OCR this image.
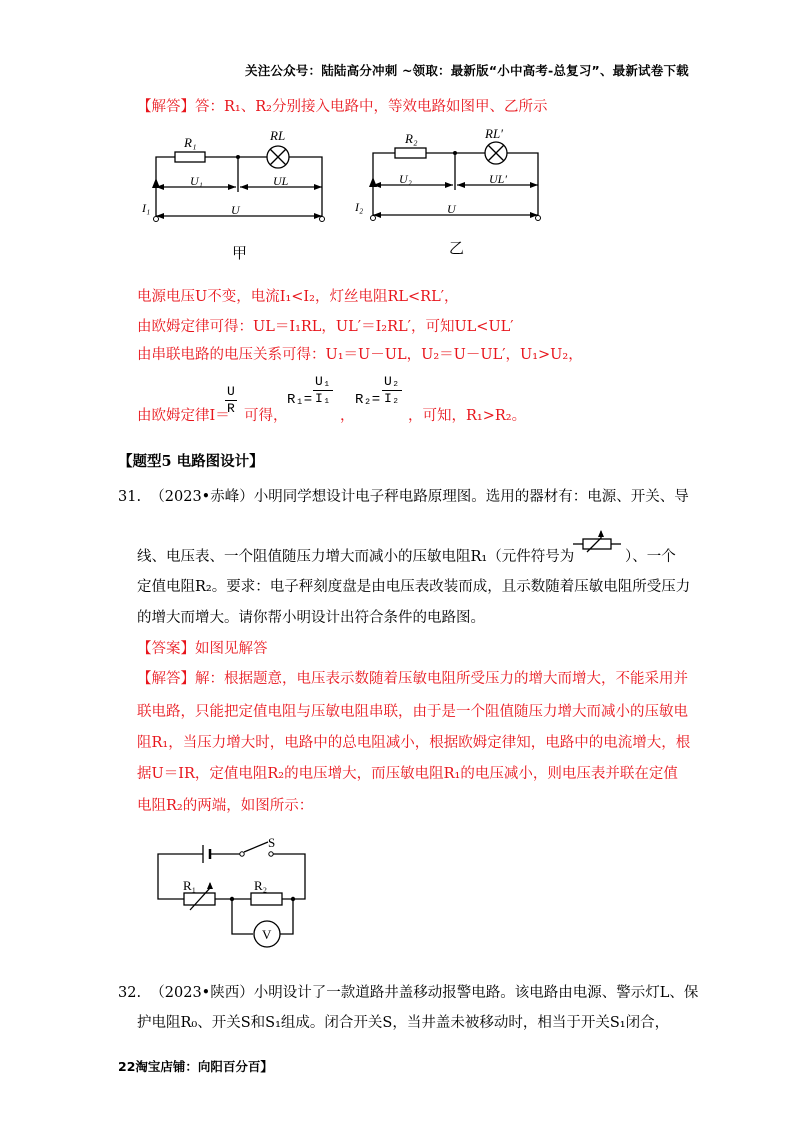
关注公众号：陆陆高分冲刺 ~领取：最新版“小中高考-总复习”、最新试卷下载
【解答】答：R₁、R₂分别接入电路中，等效电路如图甲、乙所示
R₁	RL
U₁	UL
U
I₁
甲
R₂	RL′
U₂	UL′
U
I₂
乙
电源电压U不变，电流I₁<I₂，灯丝电阻RL<RL′，
由欧姆定律可得：UL＝I₁RL，UL′＝I₂RL′，可知UL<UL′
由串联电路的电压关系可得：U₁＝U－UL，U₂＝U－UL′，U₁>U₂，
由欧姆定律I＝
$\frac{U}{R}$ 可得，
$R_1= \frac{\text{U₁}}{\text{I₁}}$
，
$R_2= \frac{\text{U₂}}{\text{I₂}}$
，可知，R₁>R₂。
【题型5 电路图设计】
31. （2023•赤峰）小明同学想设计电子秤电路原理图。选用的器材有：电源、开关、导
线、电压表、一个阻值随压力增大而减小的压敏电阻R₁（元件符号为	）、一个
定值电阻R₂。要求：电子秤刻度盘是由电压表改装而成，且示数随着压敏电阻所受压力
的增大而增大。请你帮小明设计出符合条件的电路图。
【答案】如图见解答
【解答】解：根据题意，电压表示数随着压敏电阻所受压力的增大而增大，不能采用并
联电路，只能把定值电阻与压敏电阻串联，由于是一个阻值随压力增大而减小的压敏电
阻R₁，当压力增大时，电路中的总电阻减小，根据欧姆定律知，电路中的电流增大，根
据U＝IR，定值电阻R₂的电压增大，而压敏电阻R₁的电压减小，则电压表并联在定值
电阻R₂的两端，如图所示：
S
R₁	R₂
V
32. （2023•陕西）小明设计了一款道路井盖移动报警电路。该电路由电源、警示灯L、保
护电阻R₀、开关S和S₁组成。闭合开关S，当井盖未被移动时，相当于开关S₁闭合，
22淘宝店铺：向阳百分百】
